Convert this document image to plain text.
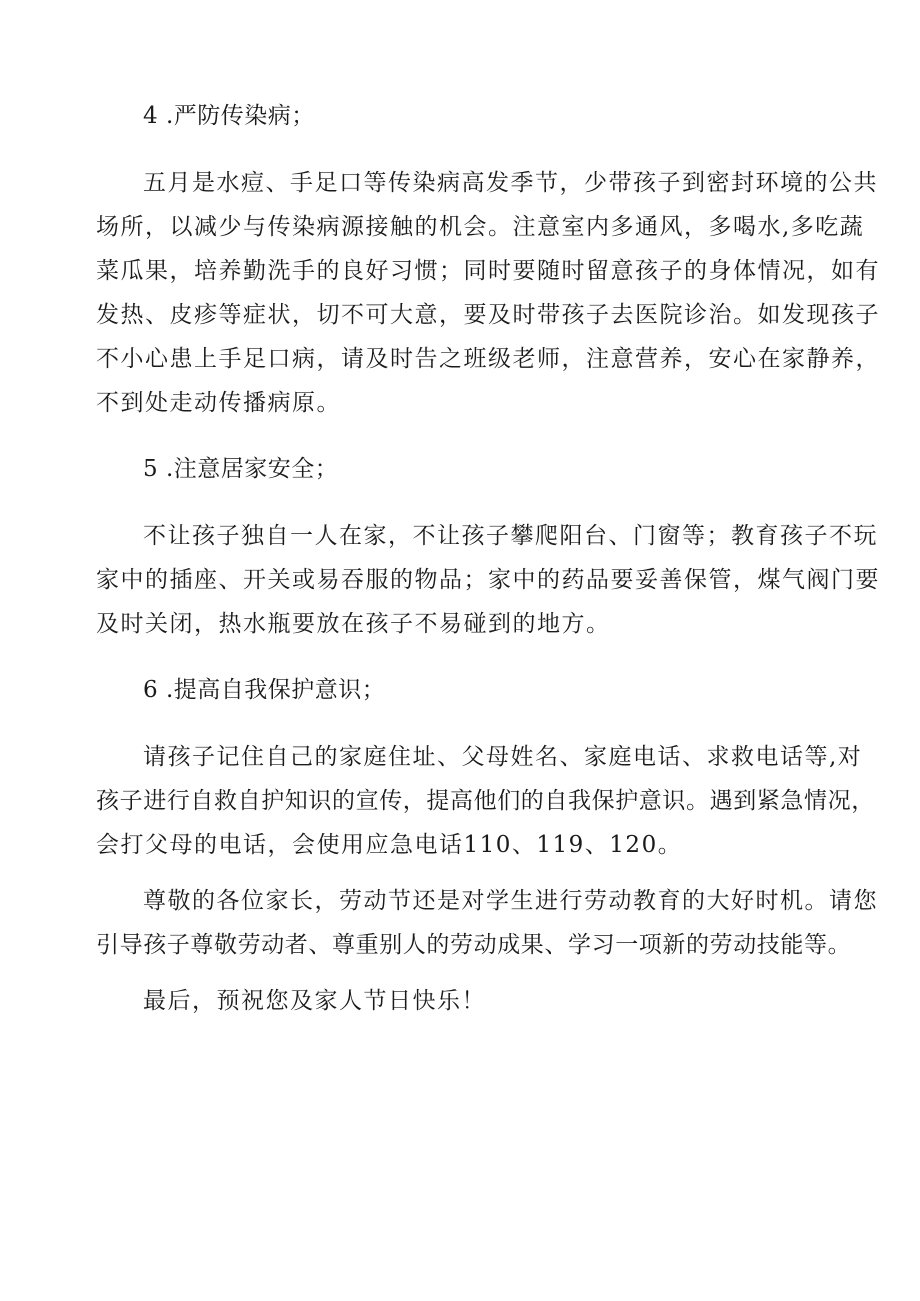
4 .严防传染病；
五月是水痘、手足口等传染病高发季节，少带孩子到密封环境的公共
场所，以减少与传染病源接触的机会。注意室内多通风，多喝水,多吃蔬
菜瓜果，培养勤洗手的良好习惯；同时要随时留意孩子的身体情况，如有
发热、皮疹等症状，切不可大意，要及时带孩子去医院诊治。如发现孩子
不小心患上手足口病，请及时告之班级老师，注意营养，安心在家静养，
不到处走动传播病原。
5 .注意居家安全；
不让孩子独自一人在家，不让孩子攀爬阳台、门窗等；教育孩子不玩
家中的插座、开关或易吞服的物品；家中的药品要妥善保管，煤气阀门要
及时关闭，热水瓶要放在孩子不易碰到的地方。
6 .提高自我保护意识；
请孩子记住自己的家庭住址、父母姓名、家庭电话、求救电话等,对
孩子进行自救自护知识的宣传，提高他们的自我保护意识。遇到紧急情况，
会打父母的电话，会使用应急电话110、119、120。
尊敬的各位家长，劳动节还是对学生进行劳动教育的大好时机。请您
引导孩子尊敬劳动者、尊重别人的劳动成果、学习一项新的劳动技能等。
最后，预祝您及家人节日快乐！
